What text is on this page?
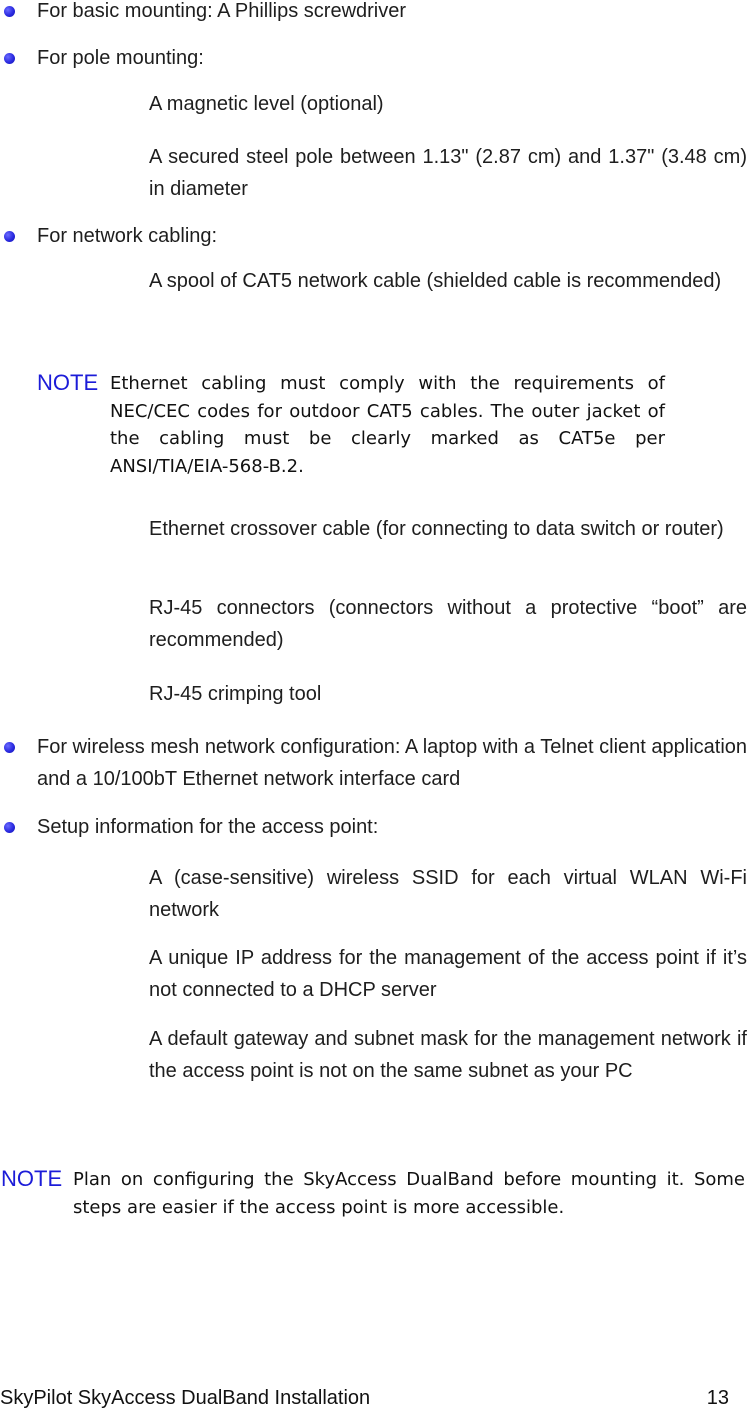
For basic mounting: A Phillips screwdriver
For pole mounting:
A magnetic level (optional)
A secured steel pole between 1.13" (2.87 cm) and 1.37" (3.48 cm) in diameter
For network cabling:
A spool of CAT5 network cable (shielded cable is recommended)
NOTE Ethernet cabling must comply with the requirements of NEC/CEC codes for outdoor CAT5 cables. The outer jacket of the cabling must be clearly marked as CAT5e per ANSI/TIA/EIA-568-B.2.
Ethernet crossover cable (for connecting to data switch or router)
RJ-45 connectors (connectors without a protective “boot” are recommended)
RJ-45 crimping tool
For wireless mesh network configuration: A laptop with a Telnet client application and a 10/100bT Ethernet network interface card
Setup information for the access point:
A (case-sensitive) wireless SSID for each virtual WLAN Wi-Fi network
A unique IP address for the management of the access point if it’s not connected to a DHCP server
A default gateway and subnet mask for the management network if the access point is not on the same subnet as your PC
NOTE Plan on configuring the SkyAccess DualBand before mounting it. Some steps are easier if the access point is more accessible.
SkyPilot SkyAccess DualBand Installation	13
